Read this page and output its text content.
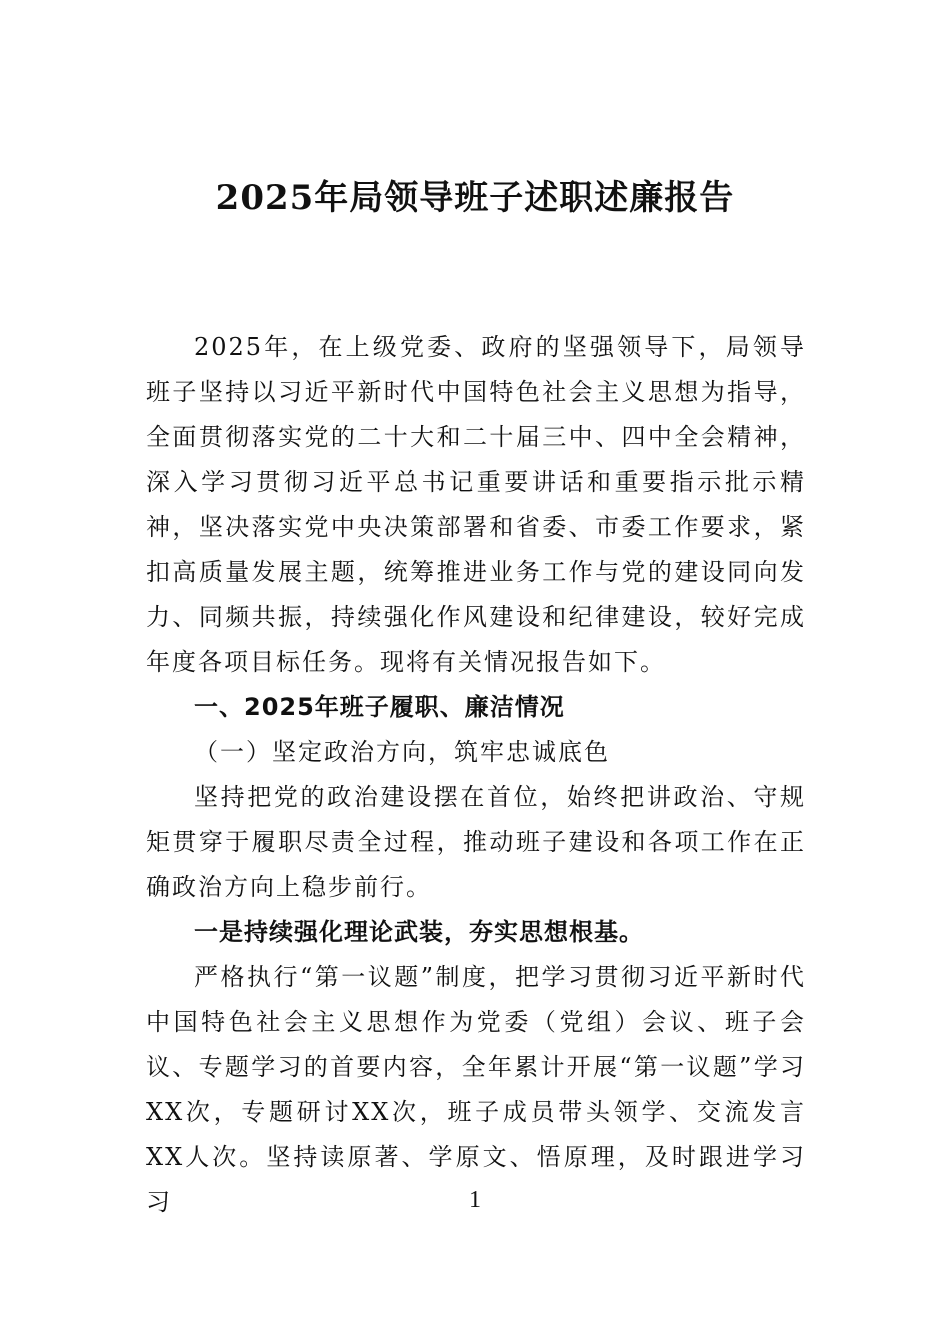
2025年局领导班子述职述廉报告

2025年，在上级党委、政府的坚强领导下，局领导班子坚持以习近平新时代中国特色社会主义思想为指导，全面贯彻落实党的二十大和二十届三中、四中全会精神，深入学习贯彻习近平总书记重要讲话和重要指示批示精神，坚决落实党中央决策部署和省委、市委工作要求，紧扣高质量发展主题，统筹推进业务工作与党的建设同向发力、同频共振，持续强化作风建设和纪律建设，较好完成年度各项目标任务。现将有关情况报告如下。

一、2025年班子履职、廉洁情况

（一）坚定政治方向，筑牢忠诚底色

坚持把党的政治建设摆在首位，始终把讲政治、守规矩贯穿于履职尽责全过程，推动班子建设和各项工作在正确政治方向上稳步前行。

一是持续强化理论武装，夯实思想根基。

严格执行“第一议题”制度，把学习贯彻习近平新时代中国特色社会主义思想作为党委（党组）会议、班子会议、专题学习的首要内容，全年累计开展“第一议题”学习XX次，专题研讨XX次，班子成员带头领学、交流发言XX人次。坚持读原著、学原文、悟原理，及时跟进学习习	1
